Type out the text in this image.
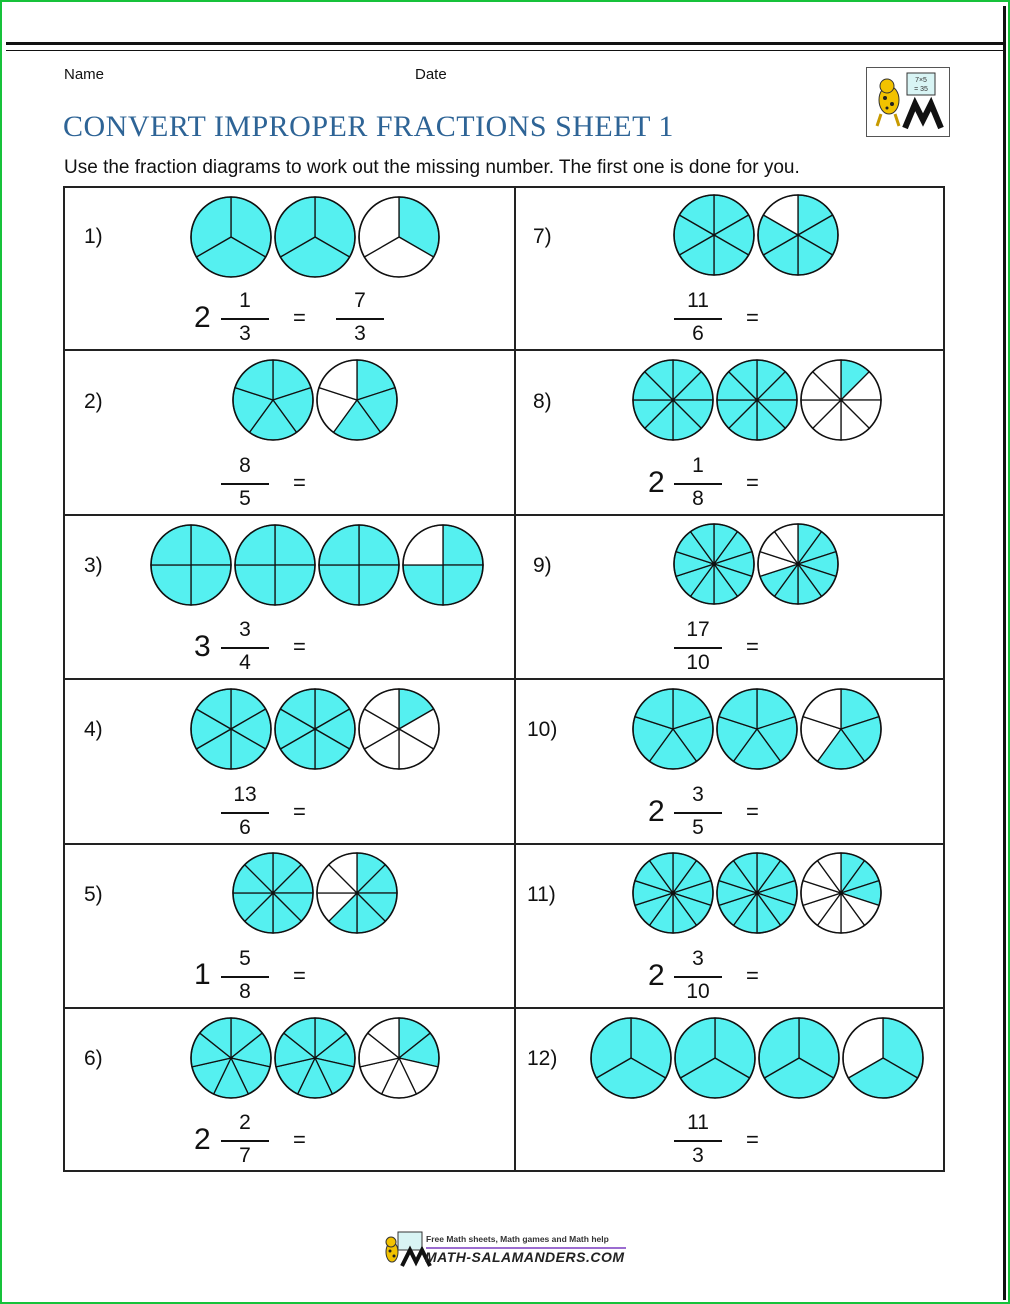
Name	Date
CONVERT IMPROPER FRACTIONS SHEET 1
Use the fraction diagrams to work out the missing number. The first one is done for you.
7×5
= 35
1)
2
1
3
=
7
3
2)
8
5
=
3)
3
3
4
=
4)
13
6
=
5)
1	5
8
=
6)
2
2
7
=
7)
11
6
=
8)
2
1
8
=
9)
17
10
=
10)
2
3
5
=
11)
2
3
10
=
12)
11
3
=
Free Math sheets, Math games and Math help
MATH-SALAMANDERS.COM
